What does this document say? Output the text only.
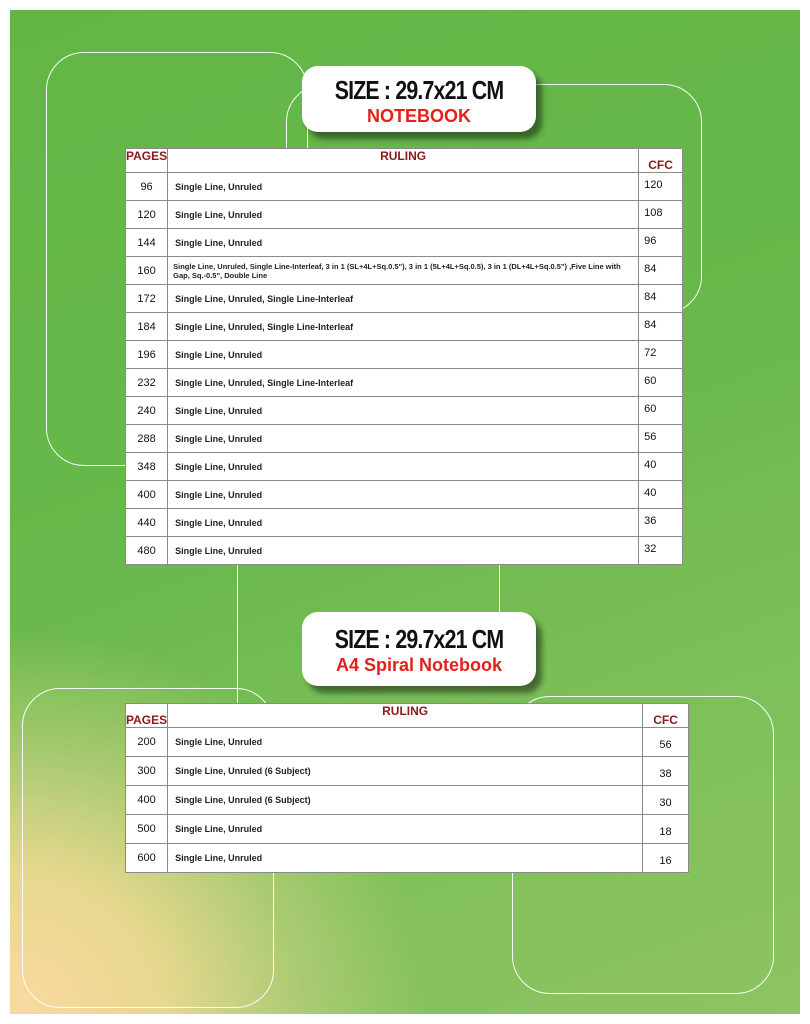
SIZE : 29.7x21 CM
NOTEBOOK
PAGES	RULING	CFC
96	Single Line, Unruled	120
120	Single Line, Unruled	108
144	Single Line, Unruled	96
160	Single Line, Unruled, Single Line-Interleaf, 3 in 1 (SL+4L+Sq.0.5"), 3 in 1 (5L+4L+Sq.0.5), 3 in 1 (DL+4L+Sq.0.5") ,Five Line with Gap, Sq.-0.5", Double Line	84
172	Single Line, Unruled, Single Line-Interleaf	84
184	Single Line, Unruled, Single Line-Interleaf	84
196	Single Line, Unruled	72
232	Single Line, Unruled, Single Line-Interleaf	60
240	Single Line, Unruled	60
288	Single Line, Unruled	56
348	Single Line, Unruled	40
400	Single Line, Unruled	40
440	Single Line, Unruled	36
480	Single Line, Unruled	32
SIZE : 29.7x21 CM
A4 Spiral Notebook
PAGES	RULING	CFC
200	Single Line, Unruled	56
300	Single Line, Unruled (6 Subject)	38
400	Single Line, Unruled (6 Subject)	30
500	Single Line, Unruled	18
600	Single Line, Unruled	16
